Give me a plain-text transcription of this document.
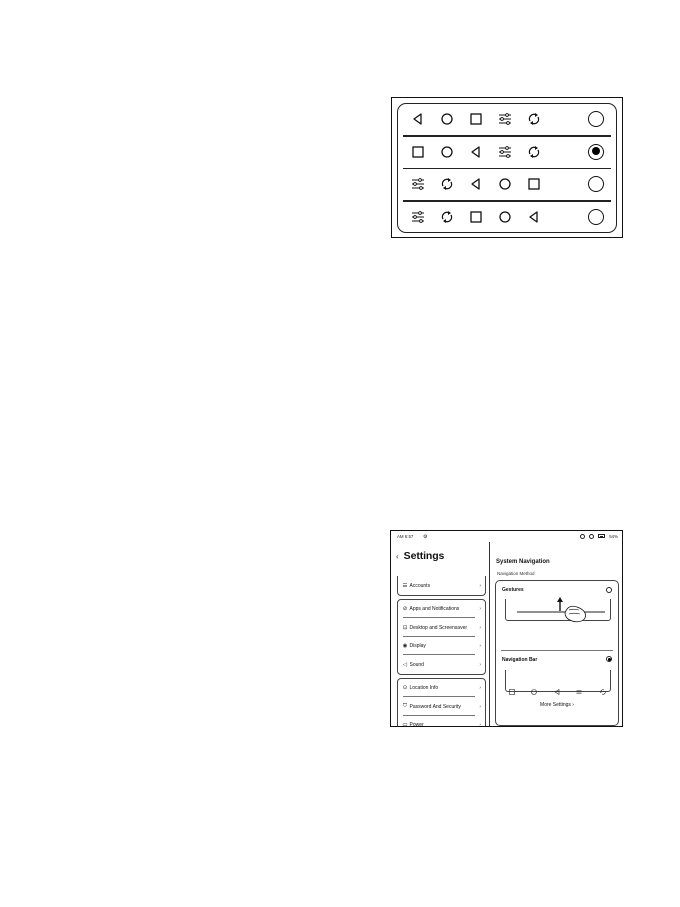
AM 6:57 ⚙	54%
‹ Settings
☰ Accounts	›
⊘ Apps and Notifications	›
⊡ Desktop and Screensaver ›
◉ Display	›
◁ Sound	›
⊙ Location Info	›
⛉ Password And Security	›
▭ Power	›
System Navigation
Navigation Method
Gestures
Navigation Bar
More Settings ›
